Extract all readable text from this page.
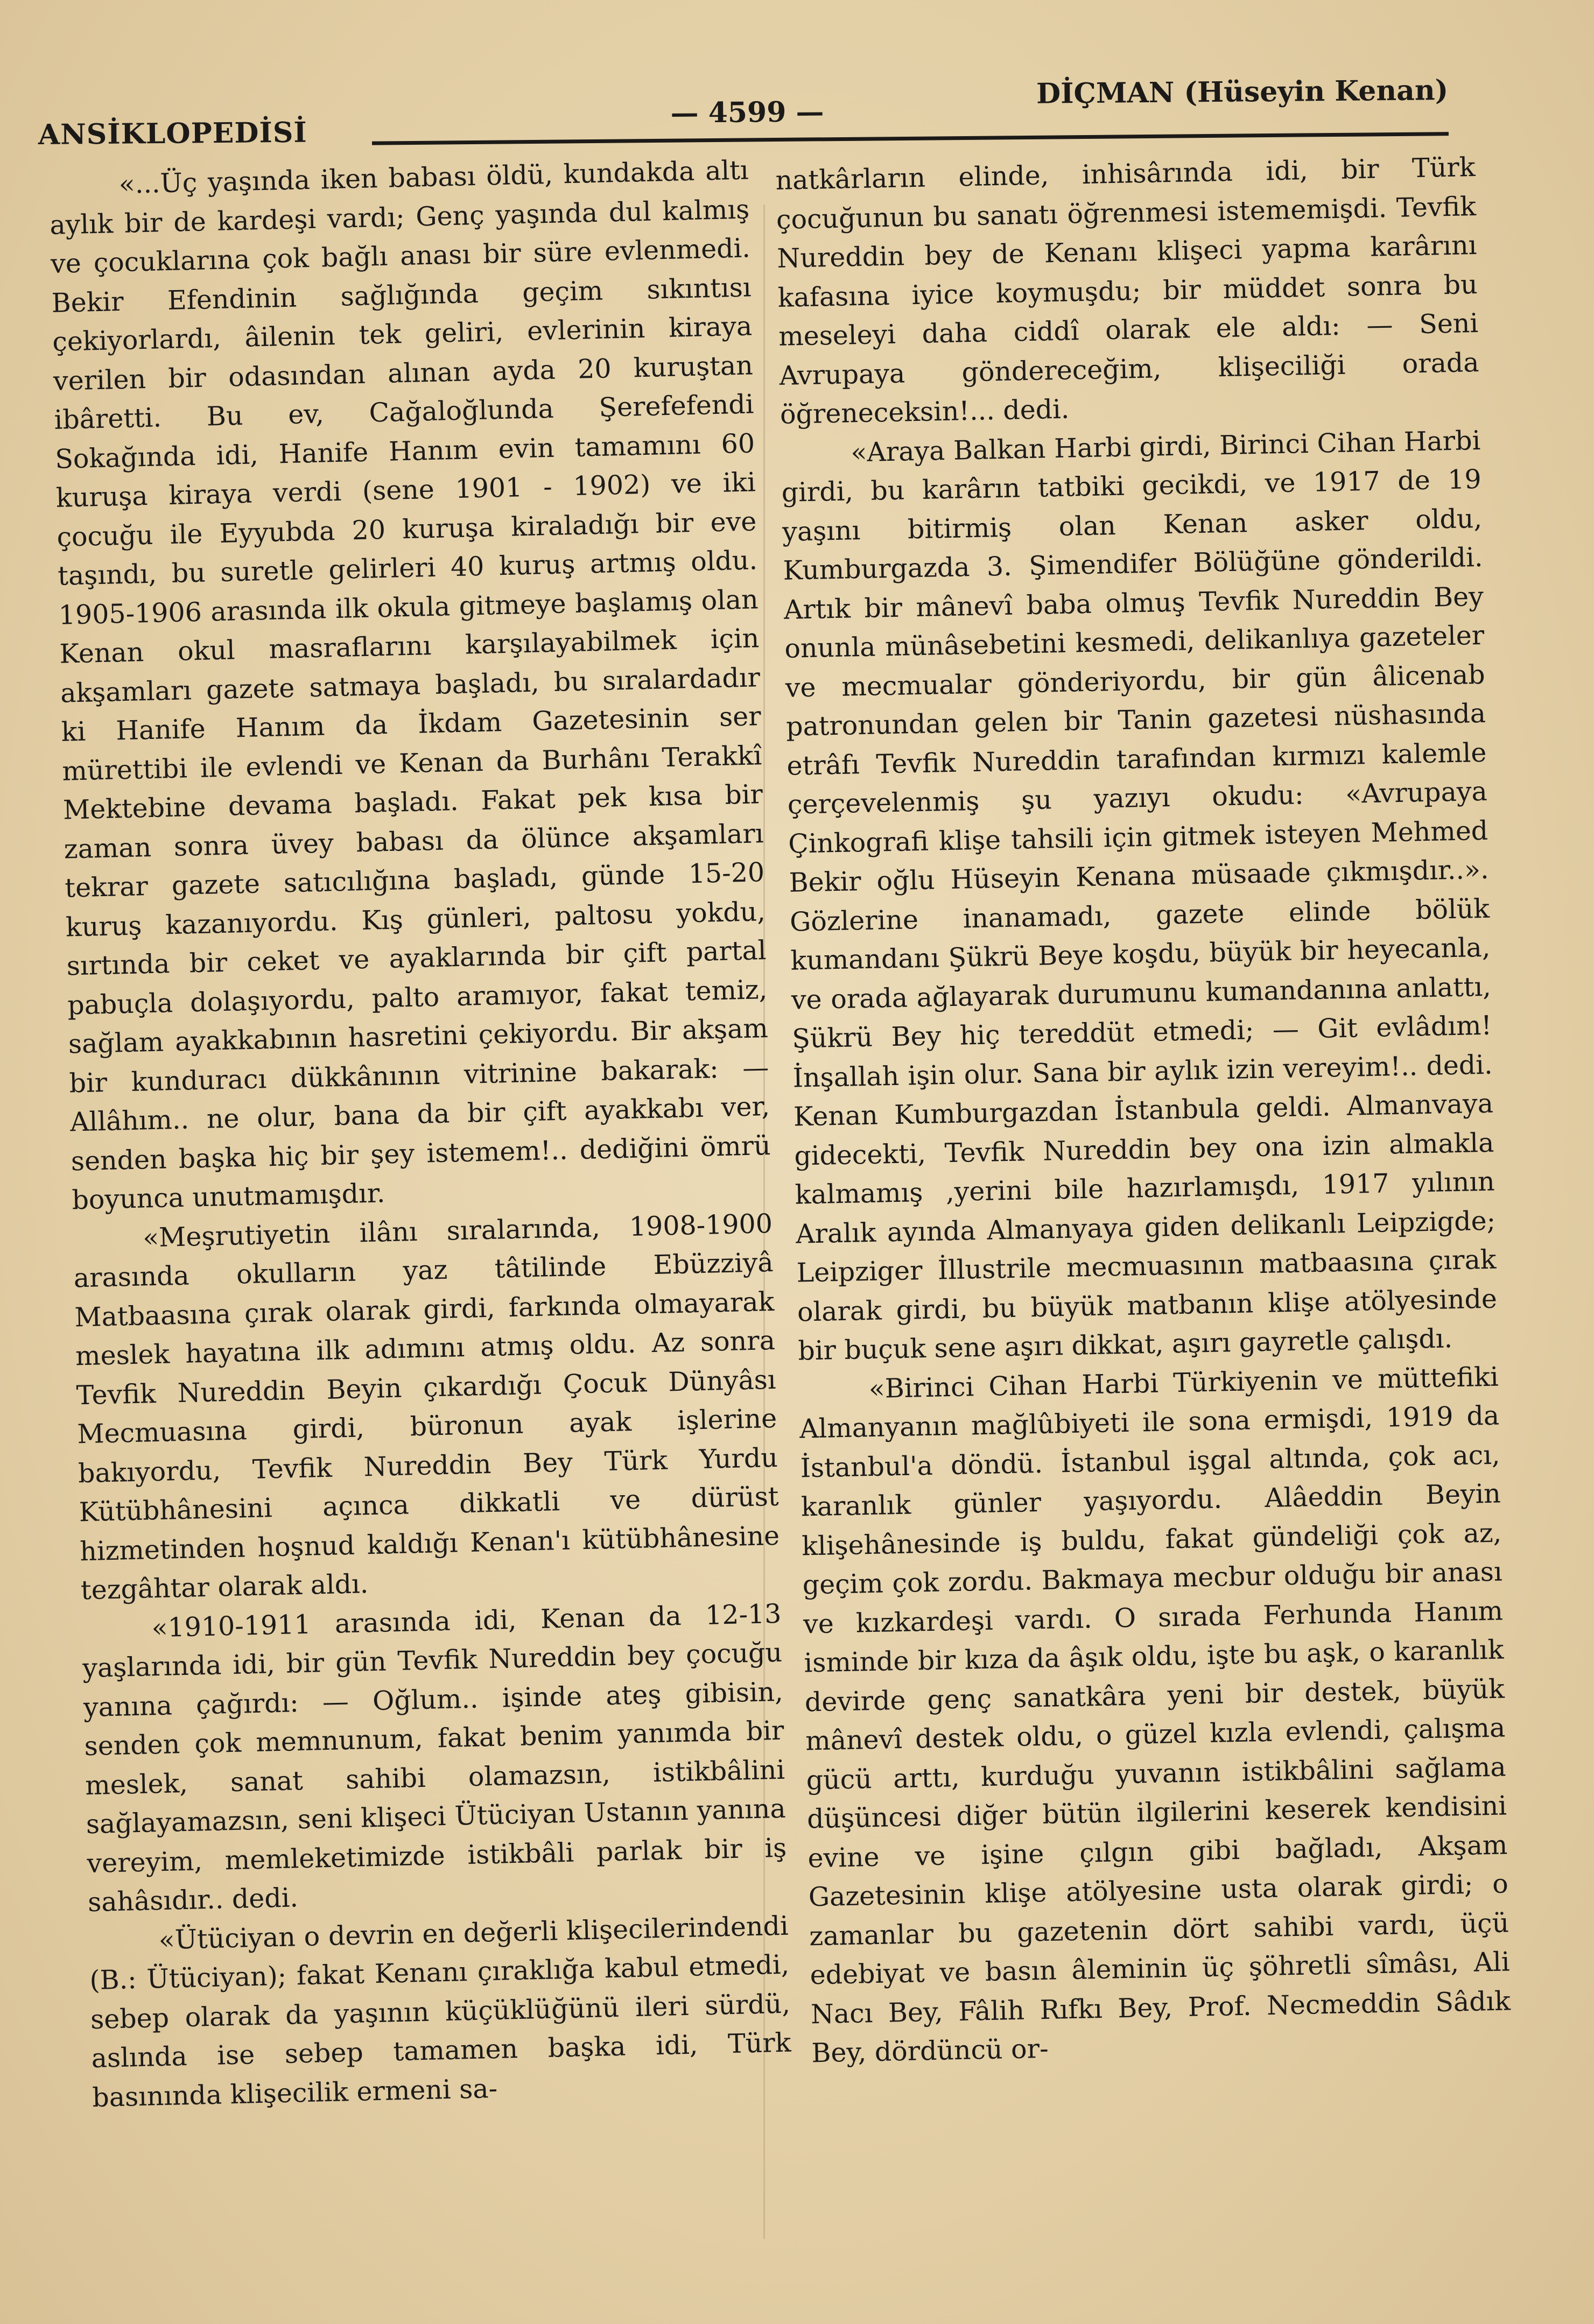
ANSİKLOPEDİSİ
— 4599 —
DİÇMAN (Hüseyin Kenan)

«...Üç yaşında iken babası öldü, kundakda altı aylık bir de kardeşi vardı; Genç yaşında dul kalmış ve çocuklarına çok bağlı anası bir süre evlenmedi. Bekir Efendinin sağlığında geçim sıkıntısı çekiyorlardı, âilenin tek geliri, evlerinin kiraya verilen bir odasından alınan ayda 20 kuruştan ibâretti. Bu ev, Cağaloğlunda Şerefefendi Sokağında idi, Hanife Hanım evin tamamını 60 kuruşa kiraya verdi (sene 1901 - 1902) ve iki çocuğu ile Eyyubda 20 kuruşa kiraladığı bir eve taşındı, bu suretle gelirleri 40 kuruş artmış oldu. 1905-1906 arasında ilk okula gitmeye başlamış olan Kenan okul masraflarını karşılayabilmek için akşamları gazete satmaya başladı, bu sıralardadır ki Hanife Hanım da İkdam Gazetesinin ser mürettibi ile evlendi ve Kenan da Burhânı Terakkî Mektebine devama başladı. Fakat pek kısa bir zaman sonra üvey babası da ölünce akşamları tekrar gazete satıcılığına başladı, günde 15-20 kuruş kazanıyordu. Kış günleri, paltosu yokdu, sırtında bir ceket ve ayaklarında bir çift partal pabuçla dolaşıyordu, palto aramıyor, fakat temiz, sağlam ayakkabının hasretini çekiyordu. Bir akşam bir kunduracı dükkânının vitrinine bakarak: — Allâhım.. ne olur, bana da bir çift ayakkabı ver, senden başka hiç bir şey istemem!.. dediğini ömrü boyunca unutmamışdır.

«Meşrutiyetin ilânı sıralarında, 1908-1900 arasında okulların yaz tâtilinde Ebüzziyâ Matbaasına çırak olarak girdi, farkında olmayarak meslek hayatına ilk adımını atmış oldu. Az sonra Tevfik Nureddin Beyin çıkardığı Çocuk Dünyâsı Mecmuasına girdi, büronun ayak işlerine bakıyordu, Tevfik Nureddin Bey Türk Yurdu Kütübhânesini açınca dikkatli ve dürüst hizmetinden hoşnud kaldığı Kenan'ı kütübhânesine tezgâhtar olarak aldı.

«1910-1911 arasında idi, Kenan da 12-13 yaşlarında idi, bir gün Tevfik Nureddin bey çocuğu yanına çağırdı: — Oğlum.. işinde ateş gibisin, senden çok memnunum, fakat benim yanımda bir meslek, sanat sahibi olamazsın, istikbâlini sağlayamazsın, seni klişeci Ütüciyan Ustanın yanına vereyim, memleketimizde istikbâli parlak bir iş sahâsıdır.. dedi.

«Ütüciyan o devrin en değerli klişecilerindendi (B.: Ütüciyan); fakat Kenanı çıraklığa kabul etmedi, sebep olarak da yaşının küçüklüğünü ileri sürdü, aslında ise sebep tamamen başka idi, Türk basınında klişecilik ermeni sa-

natkârların elinde, inhisârında idi, bir Türk çocuğunun bu sanatı öğrenmesi istememişdi. Tevfik Nureddin bey de Kenanı klişeci yapma karârını kafasına iyice koymuşdu; bir müddet sonra bu meseleyi daha ciddî olarak ele aldı: — Seni Avrupaya göndereceğim, klişeciliği orada öğreneceksin!... dedi.

«Araya Balkan Harbi girdi, Birinci Cihan Harbi girdi, bu karârın tatbiki gecikdi, ve 1917 de 19 yaşını bitirmiş olan Kenan asker oldu, Kumburgazda 3. Şimendifer Bölüğüne gönderildi. Artık bir mânevî baba olmuş Tevfik Nureddin Bey onunla münâsebetini kesmedi, delikanlıya gazeteler ve mecmualar gönderiyordu, bir gün âlicenab patronundan gelen bir Tanin gazetesi nüshasında etrâfı Tevfik Nureddin tarafından kırmızı kalemle çerçevelenmiş şu yazıyı okudu: «Avrupaya Çinkografi klişe tahsili için gitmek isteyen Mehmed Bekir oğlu Hüseyin Kenana müsaade çıkmışdır..». Gözlerine inanamadı, gazete elinde bölük kumandanı Şükrü Beye koşdu, büyük bir heyecanla, ve orada ağlayarak durumunu kumandanına anlattı, Şükrü Bey hiç tereddüt etmedi; — Git evlâdım! İnşallah işin olur. Sana bir aylık izin vereyim!.. dedi. Kenan Kumburgazdan İstanbula geldi. Almanvaya gidecekti, Tevfik Nureddin bey ona izin almakla kalmamış ,yerini bile hazırlamışdı, 1917 yılının Aralık ayında Almanyaya giden delikanlı Leipzigde; Leipziger İllustrile mecmuasının matbaasına çırak olarak girdi, bu büyük matbanın klişe atölyesinde bir buçuk sene aşırı dikkat, aşırı gayretle çalışdı.

«Birinci Cihan Harbi Türkiyenin ve müttefiki Almanyanın mağlûbiyeti ile sona ermişdi, 1919 da İstanbul'a döndü. İstanbul işgal altında, çok acı, karanlık günler yaşıyordu. Alâeddin Beyin klişehânesinde iş buldu, fakat gündeliği çok az, geçim çok zordu. Bakmaya mecbur olduğu bir anası ve kızkardeşi vardı. O sırada Ferhunda Hanım isminde bir kıza da âşık oldu, işte bu aşk, o karanlık devirde genç sanatkâra yeni bir destek, büyük mânevî destek oldu, o güzel kızla evlendi, çalışma gücü arttı, kurduğu yuvanın istikbâlini sağlama düşüncesi diğer bütün ilgilerini keserek kendisini evine ve işine çılgın gibi bağladı, Akşam Gazetesinin klişe atölyesine usta olarak girdi; o zamanlar bu gazetenin dört sahibi vardı, üçü edebiyat ve basın âleminin üç şöhretli sîmâsı, Ali Nacı Bey, Fâlih Rıfkı Bey, Prof. Necmeddin Sâdık Bey, dördüncü or-
